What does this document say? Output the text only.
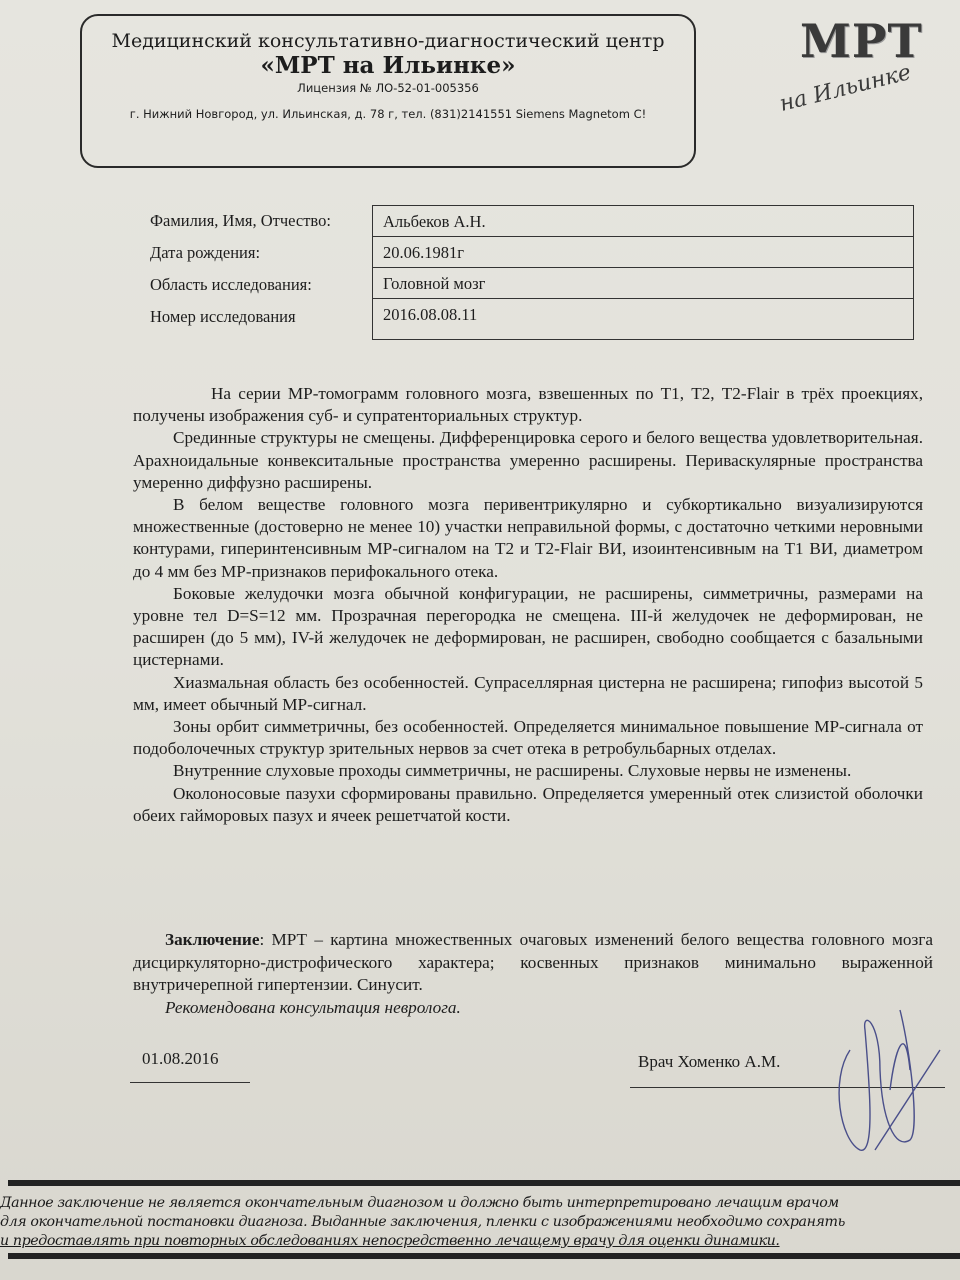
Медицинский консультативно-диагностический центр
«МРТ на Ильинке»
Лицензия № ЛО-52-01-005356
г. Нижний Новгород, ул. Ильинская, д. 78 г, тел. (831)2141551 Siemens Magnetom C!
МРТ
на Ильинке
Фамилия, Имя, Отчество:
Дата рождения:
Область исследования:
Номер исследования
Альбеков А.Н.
20.06.1981г
Головной мозг
2016.08.08.11

На серии МР-томограмм головного мозга, взвешенных по Т1, Т2, Т2-Flair в трёх проекциях, получены изображения суб- и супратенториальных структур.

Срединные структуры не смещены. Дифференцировка серого и белого вещества удовлетворительная. Арахноидальные конвекситальные пространства умеренно расширены. Периваскулярные пространства умеренно диффузно расширены.

В белом веществе головного мозга перивентрикулярно и субкортикально визуализируются множественные (достоверно не менее 10) участки неправильной формы, с достаточно четкими неровными контурами, гиперинтенсивным МР-сигналом на Т2 и Т2-Flair ВИ, изоинтенсивным на Т1 ВИ, диаметром до 4 мм без МР-признаков перифокального отека.

Боковые желудочки мозга обычной конфигурации, не расширены, симметричны, размерами на уровне тел D=S=12 мм. Прозрачная перегородка не смещена. III-й желудочек не деформирован, не расширен (до 5 мм), IV-й желудочек не деформирован, не расширен, свободно сообщается с базальными цистернами.

Хиазмальная область без особенностей. Супраселлярная цистерна не расширена; гипофиз высотой 5 мм, имеет обычный МР-сигнал.

Зоны орбит симметричны, без особенностей. Определяется минимальное повышение МР-сигнала от подоболочечных структур зрительных нервов за счет отека в ретробульбарных отделах.

Внутренние слуховые проходы симметричны, не расширены. Слуховые нервы не изменены.

Околоносовые пазухи сформированы правильно. Определяется умеренный отек слизистой оболочки обеих гайморовых пазух и ячеек решетчатой кости.

Заключение: МРТ – картина множественных очаговых изменений белого вещества головного мозга дисциркуляторно-дистрофического характера; косвенных признаков минимально выраженной внутричерепной гипертензии. Синусит.

Рекомендована консультация невролога.

01.08.2016	Врач Хоменко А.М.
Данное заключение не является окончательным диагнозом и должно быть интерпретировано лечащим врачом
для окончательной постановки диагноза. Выданные заключения, пленки с изображениями необходимо сохранять
и предоставлять при повторных обследованиях непосредственно лечащему врачу для оценки динамики.
